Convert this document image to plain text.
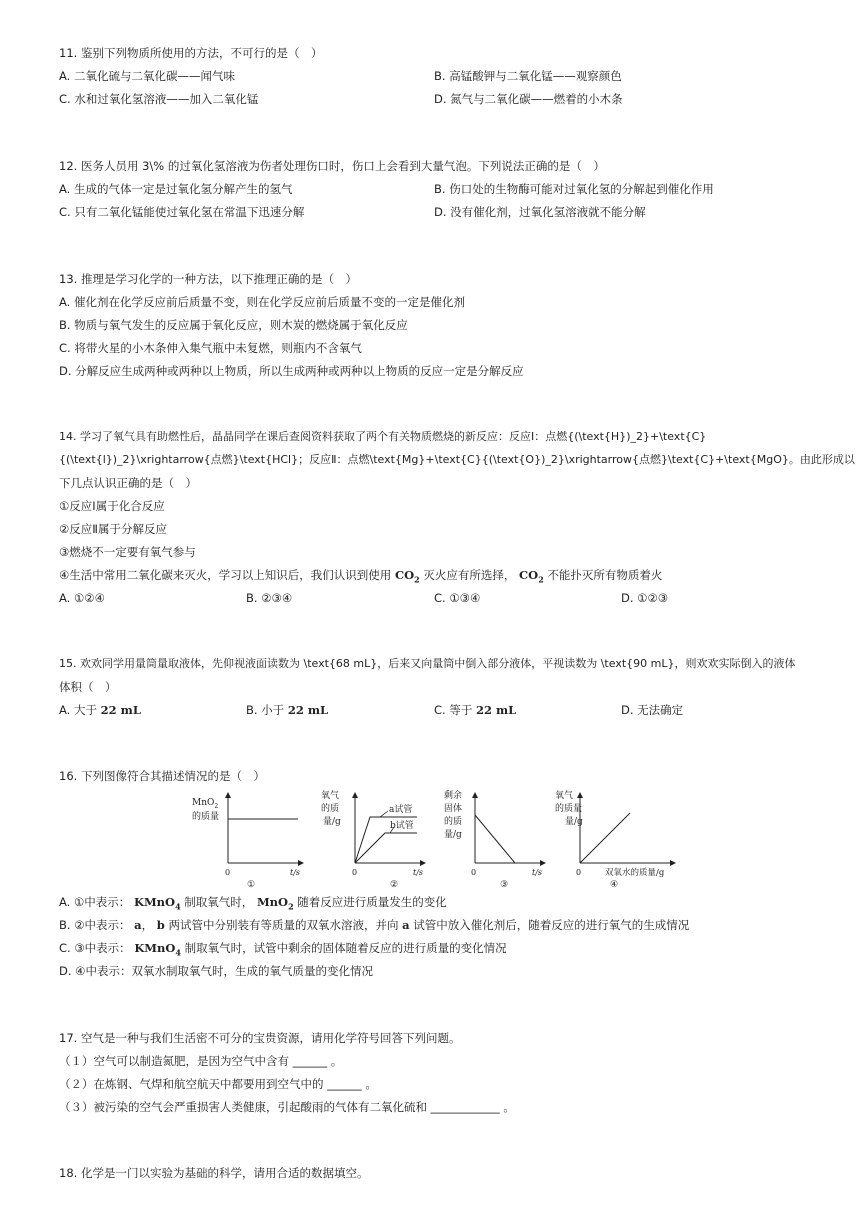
11. 鉴别下列物质所使用的方法，不可行的是（　）
A. 二氧化硫与二氧化碳——闻气味	B. 高锰酸钾与二氧化锰——观察颜色
C. 水和过氧化氢溶液——加入二氧化锰	D. 氮气与二氧化碳——燃着的小木条
12. 医务人员用 3\% 的过氧化氢溶液为伤者处理伤口时，伤口上会看到大量气泡。下列说法正确的是（　）
A. 生成的气体一定是过氧化氢分解产生的氢气	B. 伤口处的生物酶可能对过氧化氢的分解起到催化作用
C. 只有二氧化锰能使过氧化氢在常温下迅速分解	D. 没有催化剂，过氧化氢溶液就不能分解
13. 推理是学习化学的一种方法，以下推理正确的是（　）
A. 催化剂在化学反应前后质量不变，则在化学反应前后质量不变的一定是催化剂
B. 物质与氧气发生的反应属于氧化反应，则木炭的燃烧属于氧化反应
C. 将带火星的小木条伸入集气瓶中未复燃，则瓶内不含氧气
D. 分解反应生成两种或两种以上物质，所以生成两种或两种以上物质的反应一定是分解反应
14. 学习了氧气具有助燃性后，晶晶同学在课后查阅资料获取了两个有关物质燃烧的新反应：反应Ⅰ：点燃{(\text{H})_2}+\text{C}
{(\text{l})_2}\xrightarrow{点燃}\text{HCl}；反应Ⅱ：点燃\text{Mg}+\text{C}{(\text{O})_2}\xrightarrow{点燃}\text{C}+\text{MgO}。由此形成以
下几点认识正确的是（　）
①反应Ⅰ属于化合反应
②反应Ⅱ属于分解反应
③燃烧不一定要有氧气参与
④生活中常用二氧化碳来灭火，学习以上知识后，我们认识到使用 $CO_2$ 灭火应有所选择， $CO_2$ 不能扑灭所有物质着火
A. ①②④	B. ②③④	C. ①③④	D. ①②③
15. 欢欢同学用量筒量取液体，先仰视液面读数为 \text{68 mL}，后来又向量筒中倒入部分液体，平视读数为 \text{90 mL}，则欢欢实际倒入的液体
体积（　）
A. 大于 22 mL	B. 小于 22 mL	C. 等于 22 mL	D. 无法确定
16. 下列图像符合其描述情况的是（　）
MnO$_2$
的质量
0	t/s
①
氧气
的质
量/g
a试管
b试管
0	t/s
②
剩余
固体
的质
量/g
0	t/s
③
氧气
的质量
量/g
0	双氧水的质量/g
④
A. ①中表示： KMnO$_4$ 制取氧气时， MnO$_2$ 随着反应进行质量发生的变化
B. ②中表示： a， b 两试管中分别装有等质量的双氧水溶液，并向 a 试管中放入催化剂后，随着反应的进行氧气的生成情况
C. ③中表示： KMnO$_4$ 制取氧气时，试管中剩余的固体随着反应的进行质量的变化情况
D. ④中表示：双氧水制取氧气时，生成的氧气质量的变化情况
17. 空气是一种与我们生活密不可分的宝贵资源，请用化学符号回答下列问题。
（１）空气可以制造氮肥，是因为空气中含有 ______ 。
（２）在炼钢、气焊和航空航天中都要用到空气中的 ______ 。
（３）被污染的空气会严重损害人类健康，引起酸雨的气体有二氧化硫和 ____________ 。
18. 化学是一门以实验为基础的科学，请用合适的数据填空。
